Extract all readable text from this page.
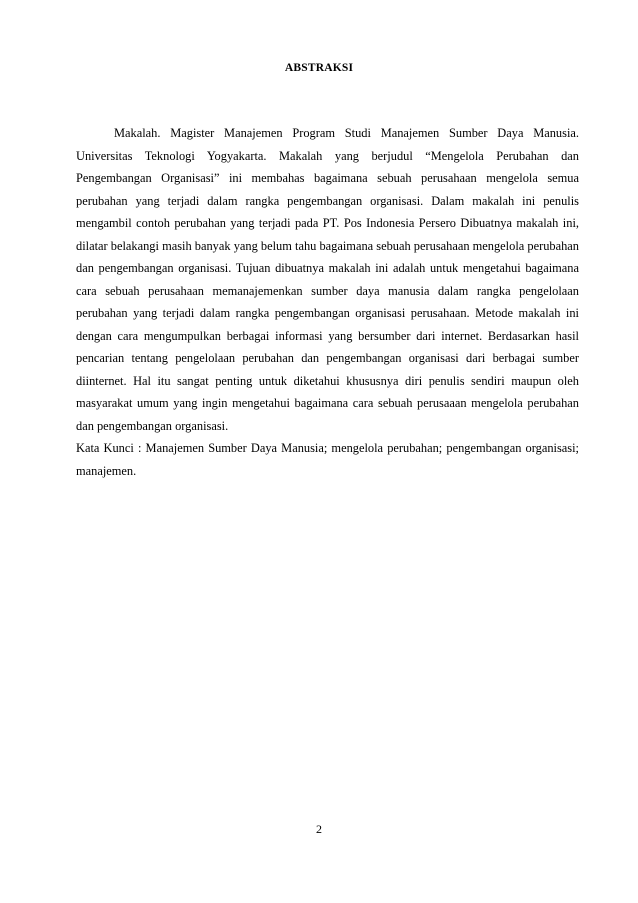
ABSTRAKSI

Makalah. Magister Manajemen Program Studi Manajemen Sumber Daya Manusia. Universitas Teknologi Yogyakarta. Makalah yang berjudul “Mengelola Perubahan dan Pengembangan Organisasi” ini membahas bagaimana sebuah perusahaan mengelola semua perubahan yang terjadi dalam rangka pengembangan organisasi. Dalam makalah ini penulis mengambil contoh perubahan yang terjadi pada PT. Pos Indonesia Persero Dibuatnya makalah ini, dilatar belakangi masih banyak yang belum tahu bagaimana sebuah perusahaan mengelola perubahan dan pengembangan organisasi. Tujuan dibuatnya makalah ini adalah untuk mengetahui bagaimana cara sebuah perusahaan memanajemenkan sumber daya manusia dalam rangka pengelolaan perubahan yang terjadi dalam rangka pengembangan organisasi perusahaan. Metode makalah ini dengan cara mengumpulkan berbagai informasi yang bersumber dari internet. Berdasarkan hasil pencarian tentang pengelolaan perubahan dan pengembangan organisasi dari berbagai sumber diinternet. Hal itu sangat penting untuk diketahui khususnya diri penulis sendiri maupun oleh masyarakat umum yang ingin mengetahui bagaimana cara sebuah perusaaan mengelola perubahan dan pengembangan organisasi.

Kata Kunci : Manajemen Sumber Daya Manusia; mengelola perubahan; pengembangan organisasi; manajemen.

2
